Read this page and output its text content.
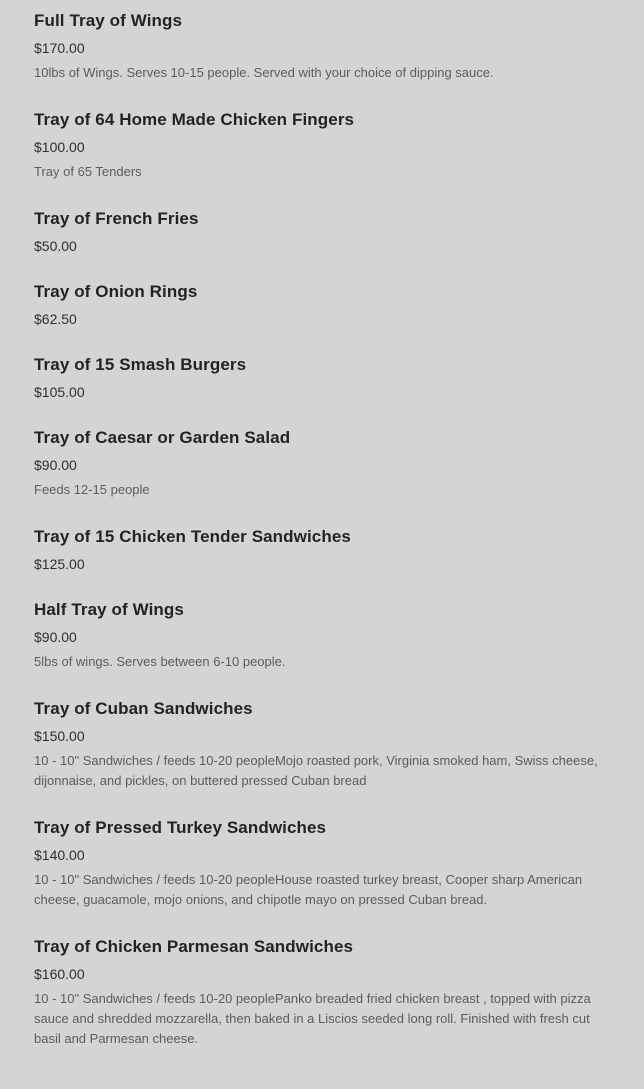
Full Tray of Wings
$170.00
10lbs of Wings. Serves 10-15 people. Served with your choice of dipping sauce.
Tray of 64 Home Made Chicken Fingers
$100.00
Tray of 65 Tenders
Tray of French Fries
$50.00
Tray of Onion Rings
$62.50
Tray of 15 Smash Burgers
$105.00
Tray of Caesar or Garden Salad
$90.00
Feeds 12-15 people
Tray of 15 Chicken Tender Sandwiches
$125.00
Half Tray of Wings
$90.00
5lbs of wings. Serves between 6-10 people.
Tray of Cuban Sandwiches
$150.00
10 - 10" Sandwiches / feeds 10-20 peopleMojo roasted pork, Virginia smoked ham, Swiss cheese, dijonnaise, and pickles, on buttered pressed Cuban bread
Tray of Pressed Turkey Sandwiches
$140.00
10 - 10" Sandwiches / feeds 10-20 peopleHouse roasted turkey breast, Cooper sharp American cheese, guacamole, mojo onions, and chipotle mayo on pressed Cuban bread.
Tray of Chicken Parmesan Sandwiches
$160.00
10 - 10" Sandwiches / feeds 10-20 peoplePanko breaded fried chicken breast , topped with pizza sauce and shredded mozzarella, then baked in a Liscios seeded long roll. Finished with fresh cut basil and Parmesan cheese.
